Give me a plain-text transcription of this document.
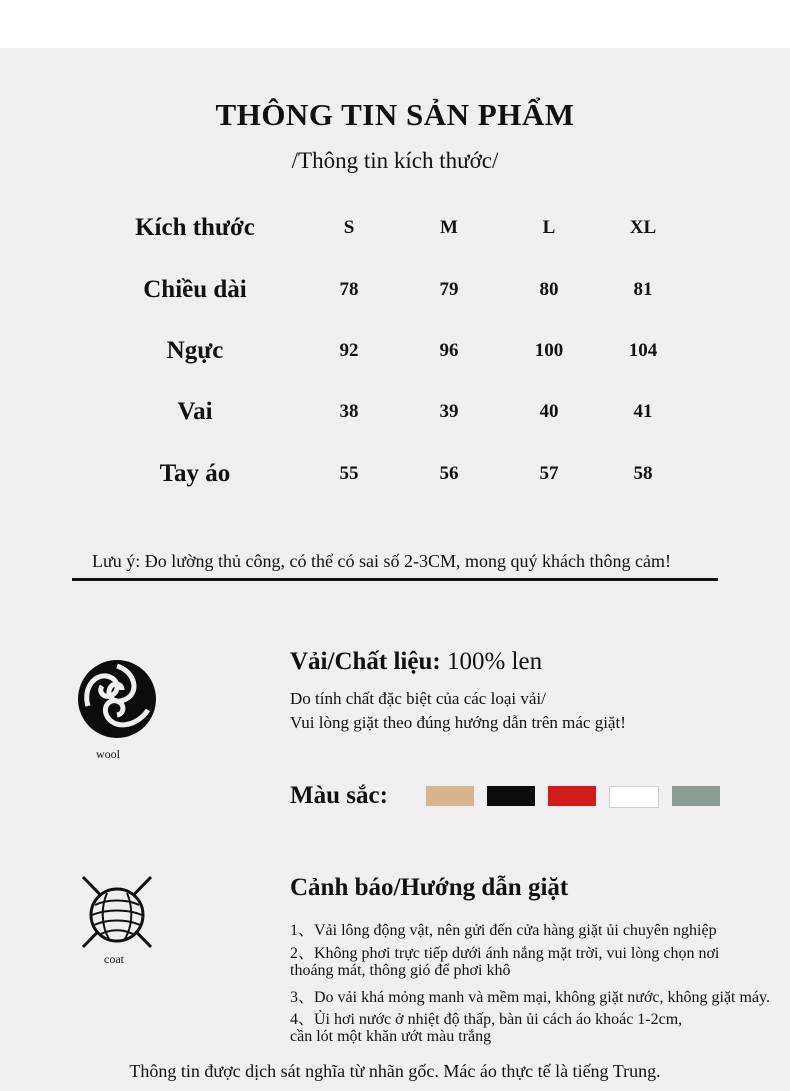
THÔNG TIN SẢN PHẨM
/Thông tin kích thước/
Kích thước	S	M	L	XL
Chiều dài	78	79	80	81
Ngực	92	96	100	104
Vai	38	39	40	41
Tay áo	55	56	57	58
Lưu ý: Đo lường thủ công, có thể có sai số 2-3CM, mong quý khách thông cảm!
wool
Vải/Chất liệu: 100% len
Do tính chất đặc biệt của các loại vải/
Vui lòng giặt theo đúng hướng dẫn trên mác giặt!
Màu sắc:
coat
Cảnh báo/Hướng dẫn giặt
1、Vải lông động vật, nên gửi đến cửa hàng giặt ủi chuyên nghiệp
2、Không phơi trực tiếp dưới ánh nắng mặt trời, vui lòng chọn nơi
thoáng mát, thông gió để phơi khô
3、Do vải khá mỏng manh và mềm mại, không giặt nước, không giặt máy.
4、Ủi hơi nước ở nhiệt độ thấp, bàn ủi cách áo khoác 1-2cm,
cần lót một khăn ướt màu trắng
Thông tin được dịch sát nghĩa từ nhãn gốc. Mác áo thực tế là tiếng Trung.
